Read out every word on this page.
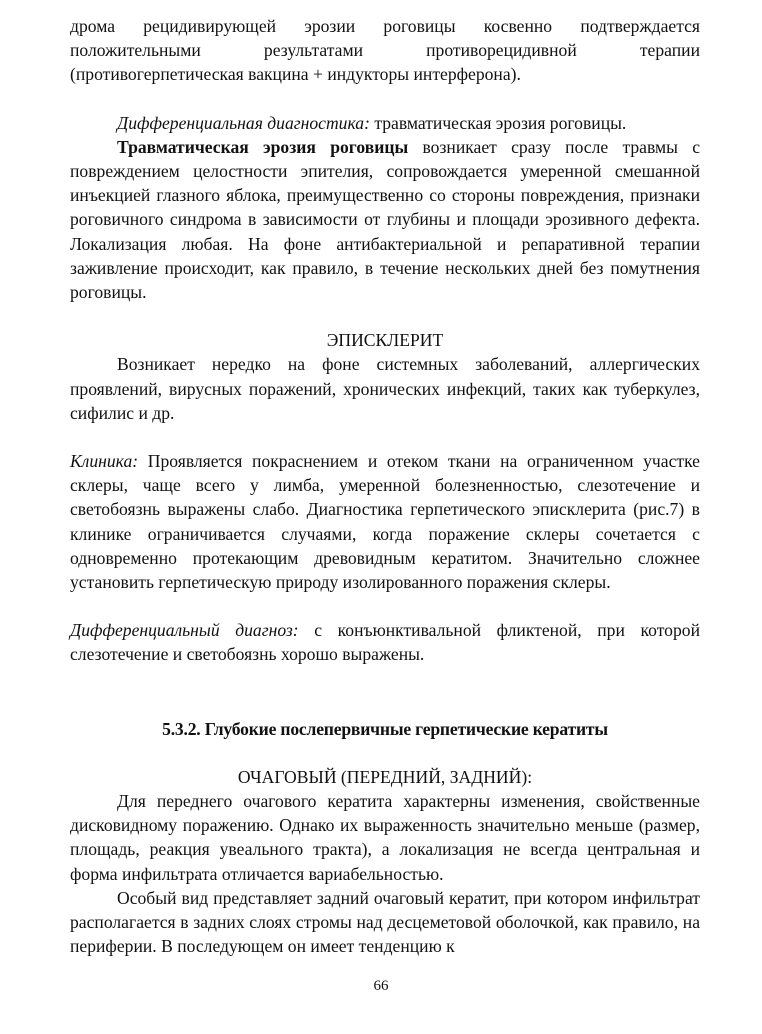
дрома рецидивирующей эрозии роговицы косвенно подтверждается положительными результатами противорецидивной терапии (противогерпетическая вакцина + индукторы интерферона).

Дифференциальная диагностика: травматическая эрозия роговицы.

Травматическая эрозия роговицы возникает сразу после травмы с повреждением целостности эпителия, сопровождается умеренной смешанной инъекцией глазного яблока, преимущественно со стороны повреждения, признаки роговичного синдрома в зависимости от глубины и площади эрозивного дефекта. Локализация любая. На фоне антибактериальной и репаративной терапии заживление происходит, как правило, в течение нескольких дней без помутнения роговицы.

ЭПИСКЛЕРИТ

Возникает нередко на фоне системных заболеваний, аллергических проявлений, вирусных поражений, хронических инфекций, таких как туберкулез, сифилис и др.

Клиника: Проявляется покраснением и отеком ткани на ограниченном участке склеры, чаще всего у лимба, умеренной болезненностью, слезотечение и светобоязнь выражены слабо. Диагностика герпетического эписклерита (рис.7) в клинике ограничивается случаями, когда поражение склеры сочетается с одновременно протекающим древовидным кератитом. Значительно сложнее установить герпетическую природу изолированного поражения склеры.

Дифференциальный диагноз: с конъюнктивальной фликтеной, при которой слезотечение и светобоязнь хорошо выражены.

5.3.2. Глубокие послепервичные герпетические кератиты

ОЧАГОВЫЙ (ПЕРЕДНИЙ, ЗАДНИЙ):

Для переднего очагового кератита характерны изменения, свойственные дисковидному поражению. Однако их выраженность значительно меньше (размер, площадь, реакция увеального тракта), а локализация не всегда центральная и форма инфильтрата отличается вариабельностью.

Особый вид представляет задний очаговый кератит, при котором инфильтрат располагается в задних слоях стромы над десцеметовой оболочкой, как правило, на периферии. В последующем он имеет тенденцию к

66
